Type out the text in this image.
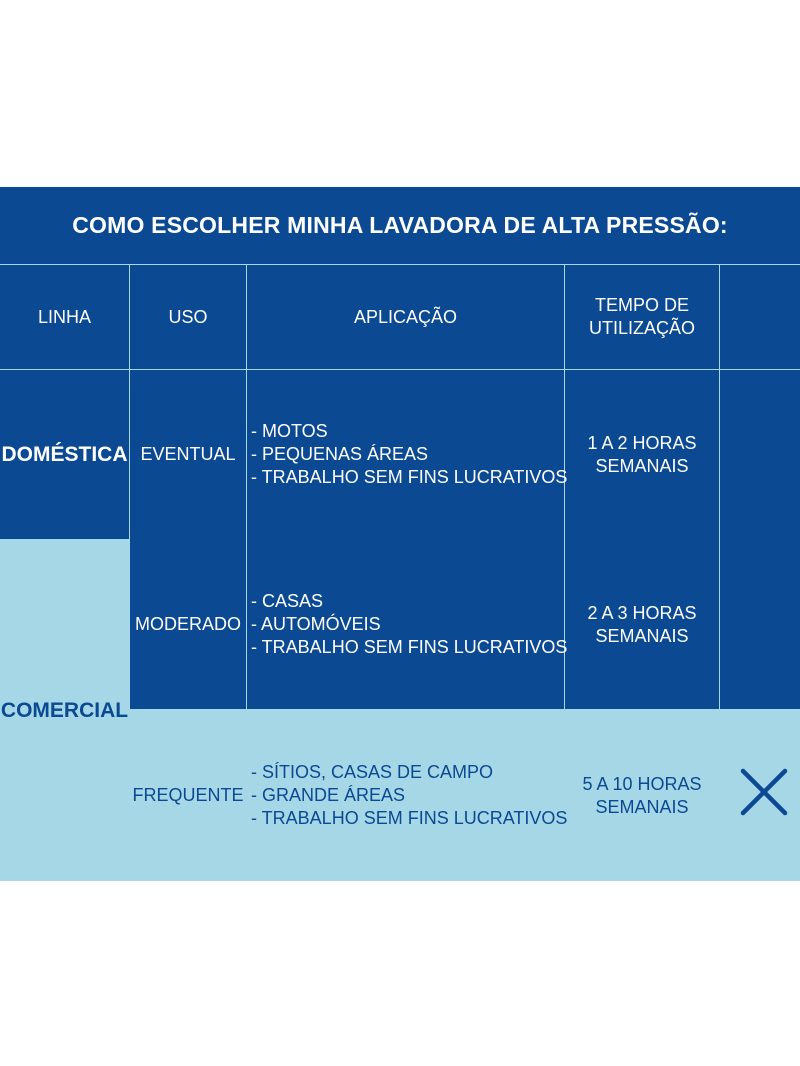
COMO ESCOLHER MINHA LAVADORA DE ALTA PRESSÃO:
LINHA	USO	APLICAÇÃO
TEMPO DE
UTILIZAÇÃO
DOMÉSTICA EVENTUAL
- MOTOS
- PEQUENAS ÁREAS
- TRABALHO SEM FINS LUCRATIVOS
1 A 2 HORAS
SEMANAIS
MODERADO
- CASAS
- AUTOMÓVEIS
- TRABALHO SEM FINS LUCRATIVOS
2 A 3 HORAS
SEMANAIS
COMERCIAL
FREQUENTE
- SÍTIOS, CASAS DE CAMPO
- GRANDE ÁREAS
- TRABALHO SEM FINS LUCRATIVOS
5 A 10 HORAS
SEMANAIS
